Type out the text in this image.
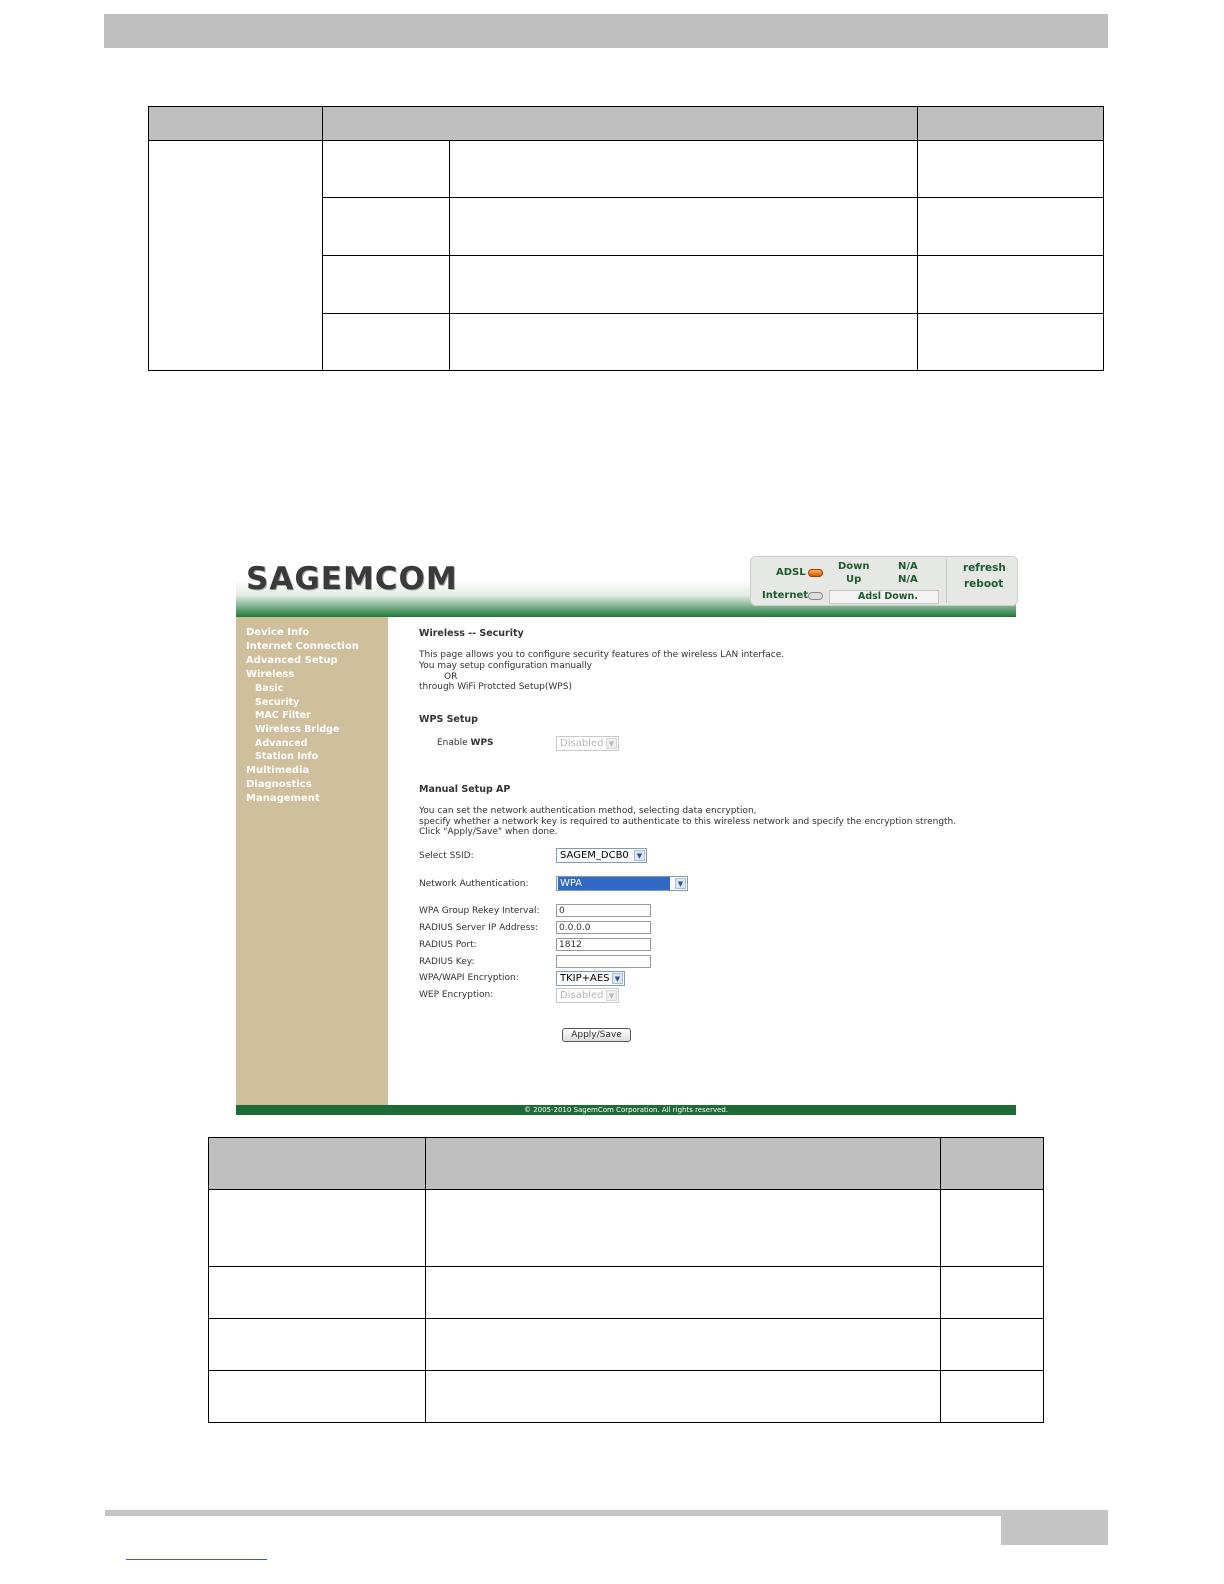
SAGEMCOM	ADSL
Internet
Down
Up
N/A
N/A
Adsl Down.
refresh
reboot
Device Info
Internet Connection
Advanced Setup
Wireless
Basic
Security
MAC Filter
Wireless Bridge
Advanced
Station Info
Multimedia
Diagnostics
Management
Wireless -- Security
This page allows you to configure security features of the wireless LAN interface.
You may setup configuration manually
OR
through WiFi Protcted Setup(WPS)
WPS Setup
Enable WPS	Disabled ▼
Manual Setup AP
You can set the network authentication method, selecting data encryption,
specify whether a network key is required to authenticate to this wireless network and specify the encryption strength.
Click "Apply/Save" when done.
Select SSID:	SAGEM_DCB0	▼
Network Authentication:	WPA	▼
WPA Group Rekey Interval:	0
RADIUS Server IP Address:	0.0.0.0
RADIUS Port:	1812
RADIUS Key:
WPA/WAPI Encryption:	TKIP+AES ▼
WEP Encryption:	Disabled ▼
Apply/Save
© 2005-2010 SagemCom Corporation. All rights reserved.
